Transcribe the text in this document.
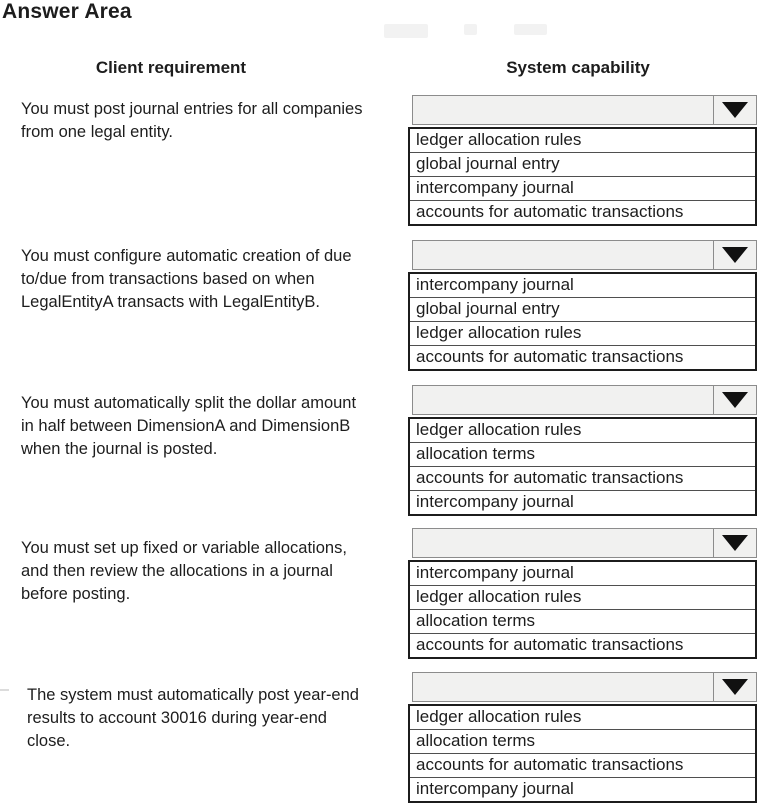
Answer Area
Client requirement	System capability
You must post journal entries for all companies
from one legal entity.	ledger allocation rules
global journal entry
intercompany journal
accounts for automatic transactions
You must configure automatic creation of due
to/due from transactions based on when
LegalEntityA transacts with LegalEntityB.
intercompany journal
global journal entry
ledger allocation rules
accounts for automatic transactions
You must automatically split the dollar amount
in half between DimensionA and DimensionB
when the journal is posted.
ledger allocation rules
allocation terms
accounts for automatic transactions
intercompany journal
You must set up fixed or variable allocations,
and then review the allocations in a journal
before posting.
intercompany journal
ledger allocation rules
allocation terms
accounts for automatic transactions
The system must automatically post year-end
results to account 30016 during year-end
close.
ledger allocation rules
allocation terms
accounts for automatic transactions
intercompany journal
